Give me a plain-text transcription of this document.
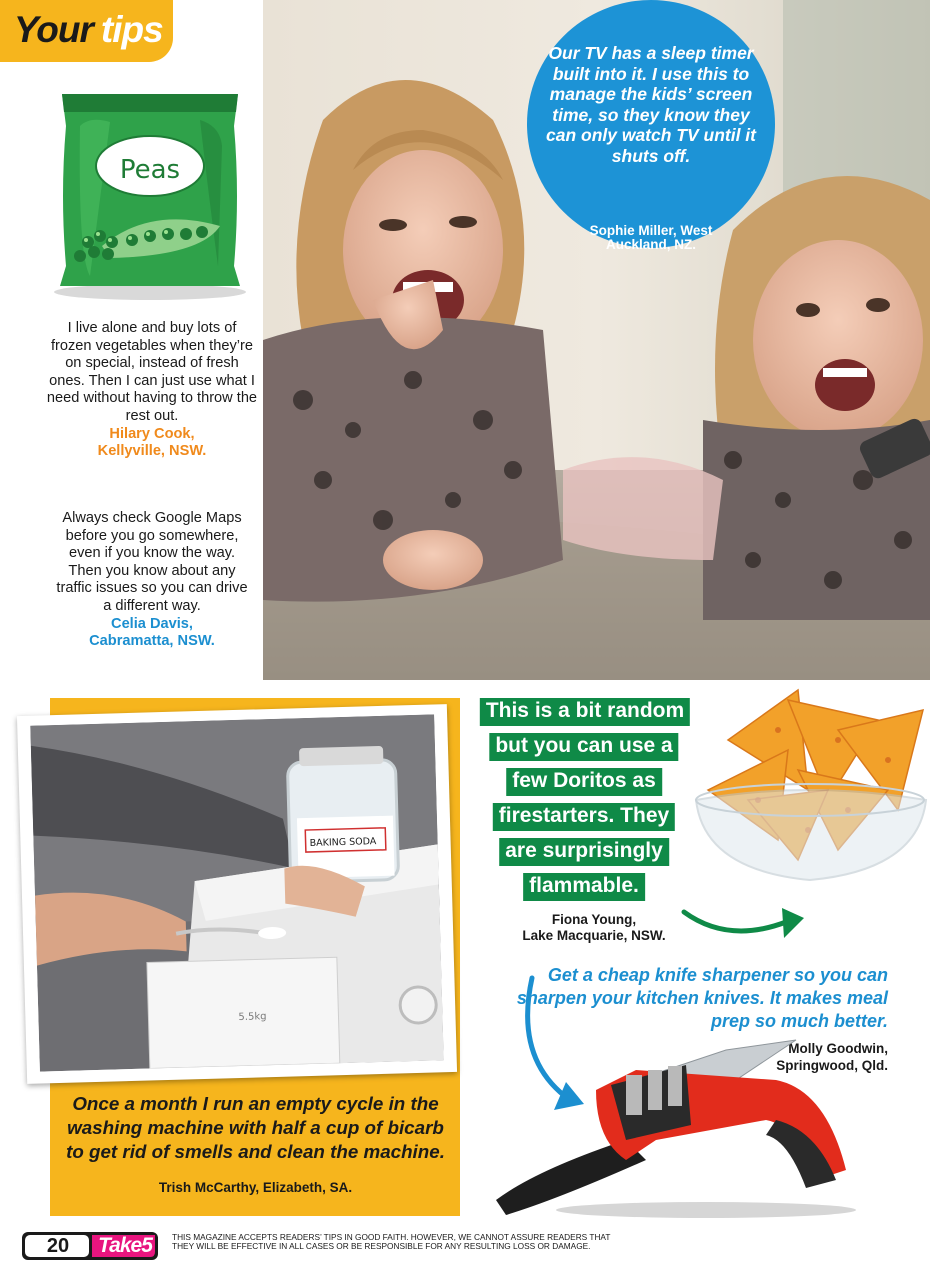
Your tips
frozen
Peas
I live alone and buy lots of frozen vegetables when they’re on special, instead of fresh ones. Then I can just use what I need without having to throw the rest out.
Hilary Cook,
Kellyville, NSW.
Always check Google Maps before you go somewhere, even if you know the way. Then you know about any traffic issues so you can drive a different way.
Celia Davis,
Cabramatta, NSW.
Our TV has a sleep timer built into it. I use this to manage the kids’ screen time, so they know they can only watch TV until it shuts off.
Sophie Miller, West
Auckland, NZ.
5.5kg
BAKING SODA
Once a month I run an empty cycle in the washing machine with half a cup of bicarb to get rid of smells and clean the machine.
Trish McCarthy, Elizabeth, SA.
This is a bit random
but you can use a
few Doritos as
firestarters. They
are surprisingly
flammable.
Fiona Young,
Lake Macquarie, NSW.
Get a cheap knife sharpener so you can sharpen your kitchen knives. It makes meal prep so much better.
Molly Goodwin,
Springwood, Qld.
20	Take5	THIS MAGAZINE ACCEPTS READERS’ TIPS IN GOOD FAITH. HOWEVER, WE CANNOT ASSURE READERS THAT
THEY WILL BE EFFECTIVE IN ALL CASES OR BE RESPONSIBLE FOR ANY RESULTING LOSS OR DAMAGE.
